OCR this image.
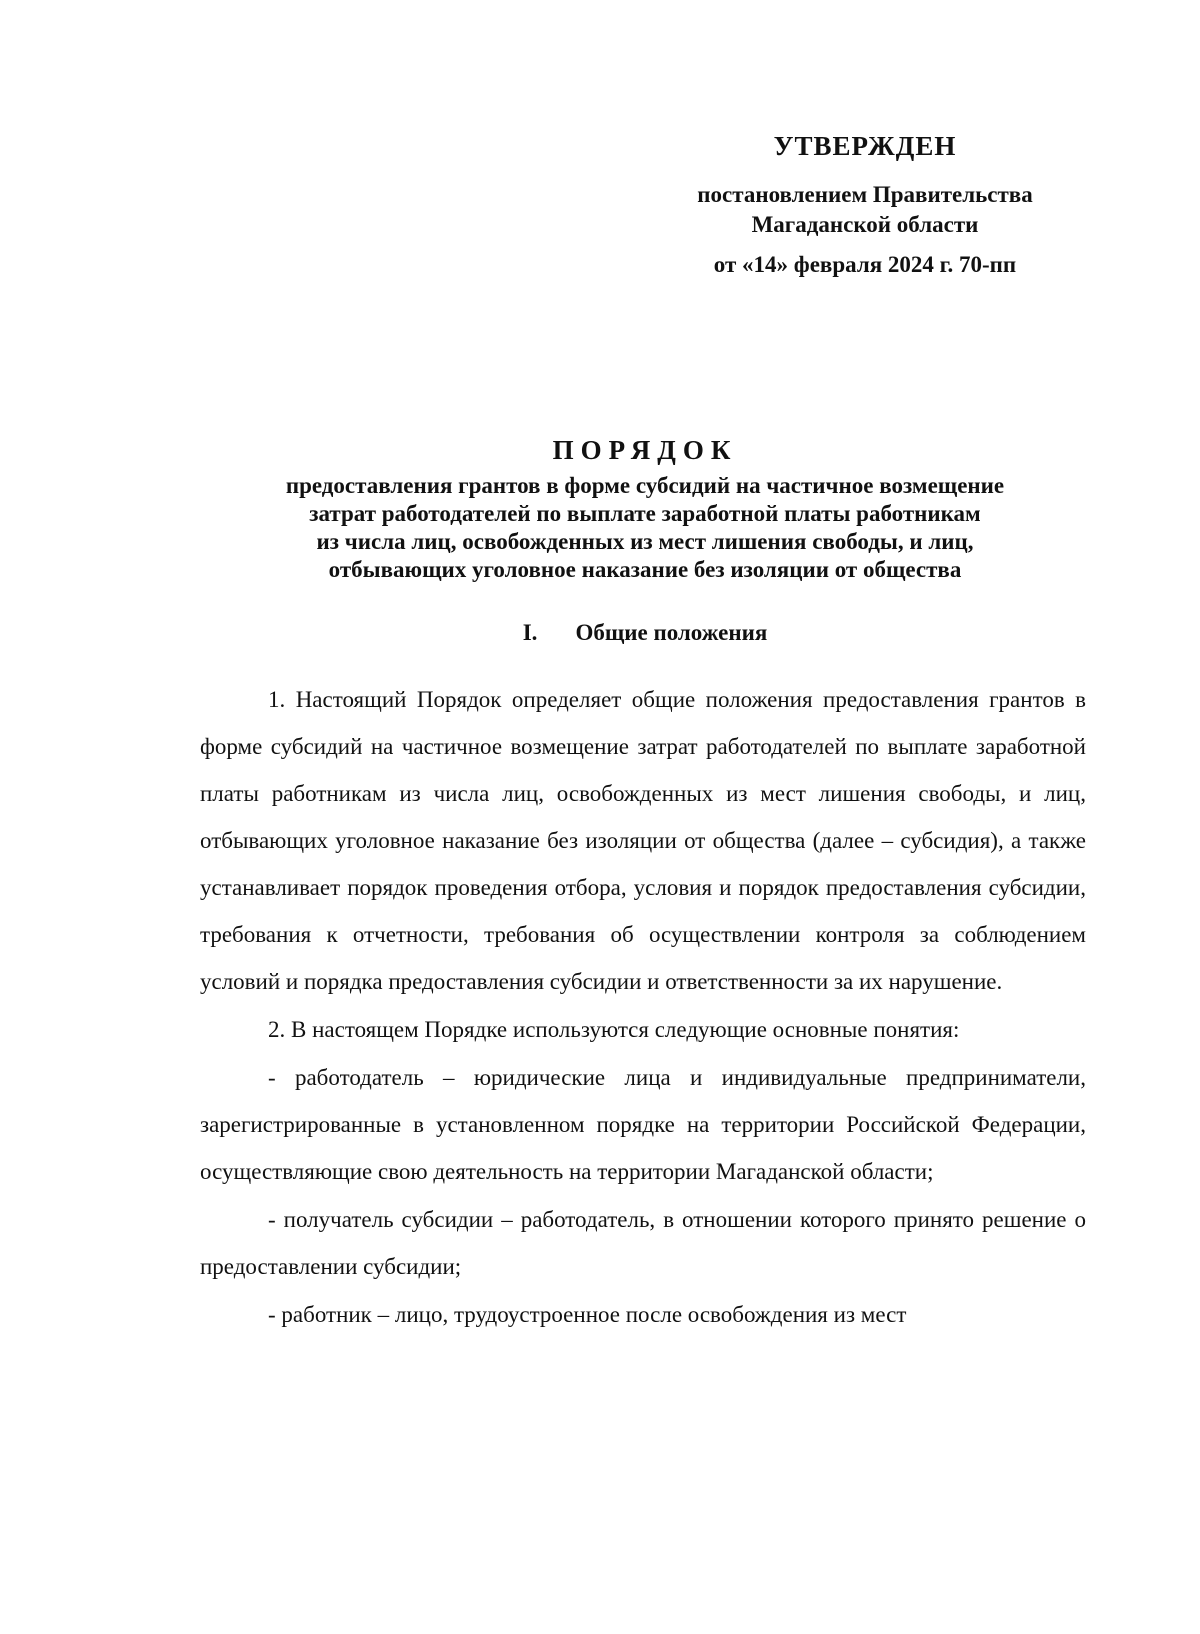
УТВЕРЖДЕН
постановлением Правительства
Магаданской области
от «14» февраля 2024 г. 70-пп
ПОРЯДОК
предоставления грантов в форме субсидий на частичное возмещение
затрат работодателей по выплате заработной платы работникам
из числа лиц, освобожденных из мест лишения свободы, и лиц,
отбывающих уголовное наказание без изоляции от общества
I. Общие положения

1. Настоящий Порядок определяет общие положения предоставления грантов в форме субсидий на частичное возмещение затрат работодателей по выплате заработной платы работникам из числа лиц, освобожденных из мест лишения свободы, и лиц, отбывающих уголовное наказание без изоляции от общества (далее – субсидия), а также устанавливает порядок проведения отбора, условия и порядок предоставления субсидии, требования к отчетности, требования об осуществлении контроля за соблюдением условий и порядка предоставления субсидии и ответственности за их нарушение.

2. В настоящем Порядке используются следующие основные понятия:

- работодатель – юридические лица и индивидуальные предприниматели, зарегистрированные в установленном порядке на территории Российской Федерации, осуществляющие свою деятельность на территории Магаданской области;

- получатель субсидии – работодатель, в отношении которого принято решение о предоставлении субсидии;

- работник – лицо, трудоустроенное после освобождения из мест
